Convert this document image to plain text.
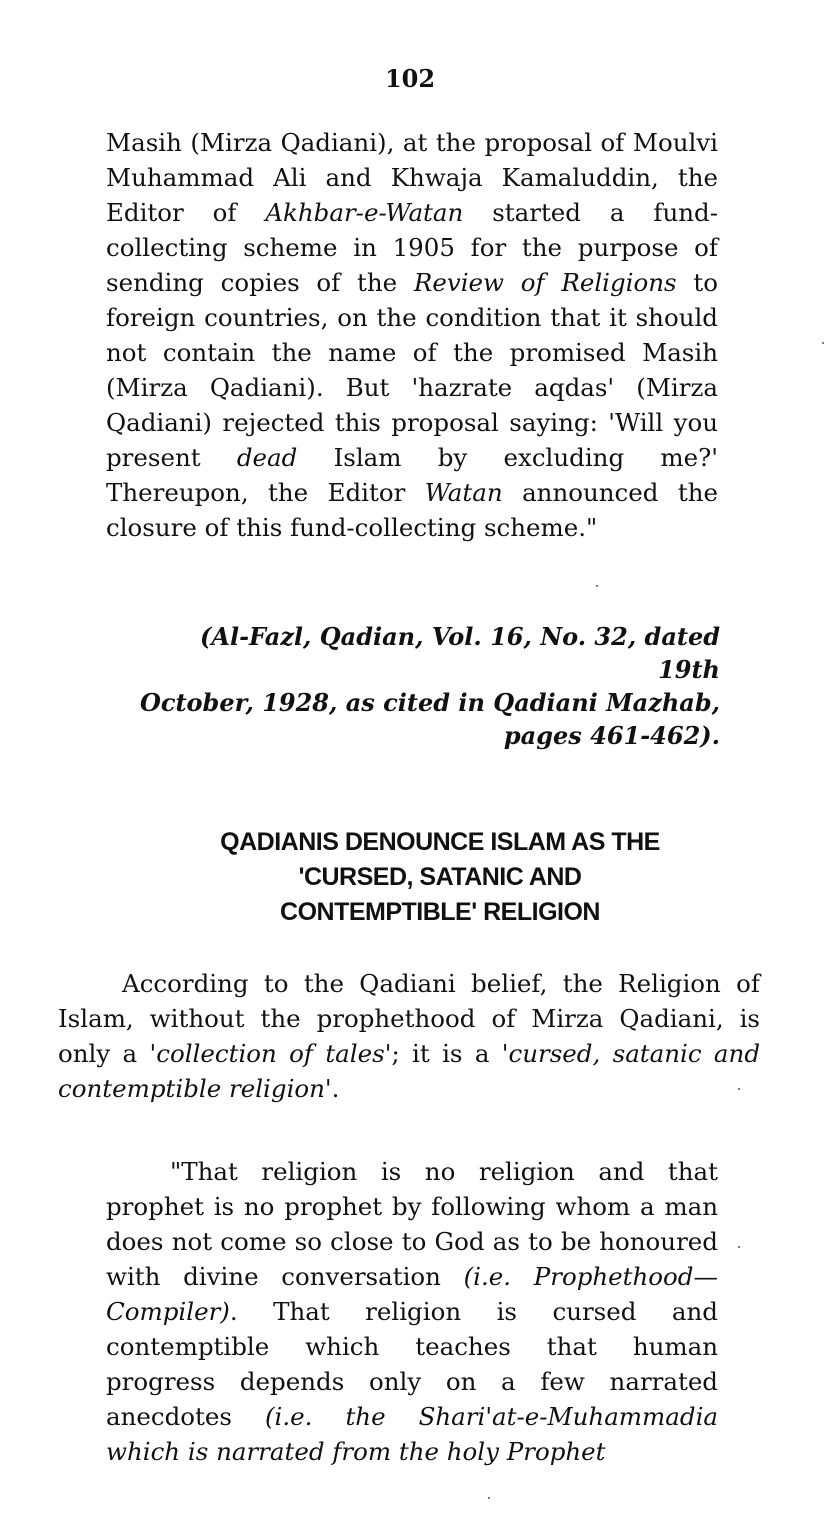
102
Masih (Mirza Qadiani), at the proposal of Moulvi Muhammad Ali and Khwaja Kamaluddin, the Editor of Akhbar-e-Watan started a fund-collecting scheme in 1905 for the purpose of sending copies of the Review of Religions to foreign countries, on the condition that it should not contain the name of the promised Masih (Mirza Qadiani). But 'hazrate aqdas' (Mirza Qadiani) rejected this proposal saying: 'Will you present dead Islam by excluding me?' Thereupon, the Editor Watan announced the closure of this fund-collecting scheme."
(Al-Fazl, Qadian, Vol. 16, No. 32, dated 19th
October, 1928, as cited in Qadiani Mazhab,
pages 461-462).
QADIANIS DENOUNCE ISLAM AS THE
'CURSED, SATANIC AND
CONTEMPTIBLE' RELIGION
According to the Qadiani belief, the Religion of Islam, without the prophethood of Mirza Qadiani, is only a 'collection of tales'; it is a 'cursed, satanic and contemptible religion'.
"That religion is no religion and that prophet is no prophet by following whom a man does not come so close to God as to be honoured with divine conversation (i.e. Prophethood—Compiler). That religion is cursed and contemptible which teaches that human progress depends only on a few narrated anecdotes (i.e. the Shari'at-e-Muhammadia which is narrated from the holy Prophet
